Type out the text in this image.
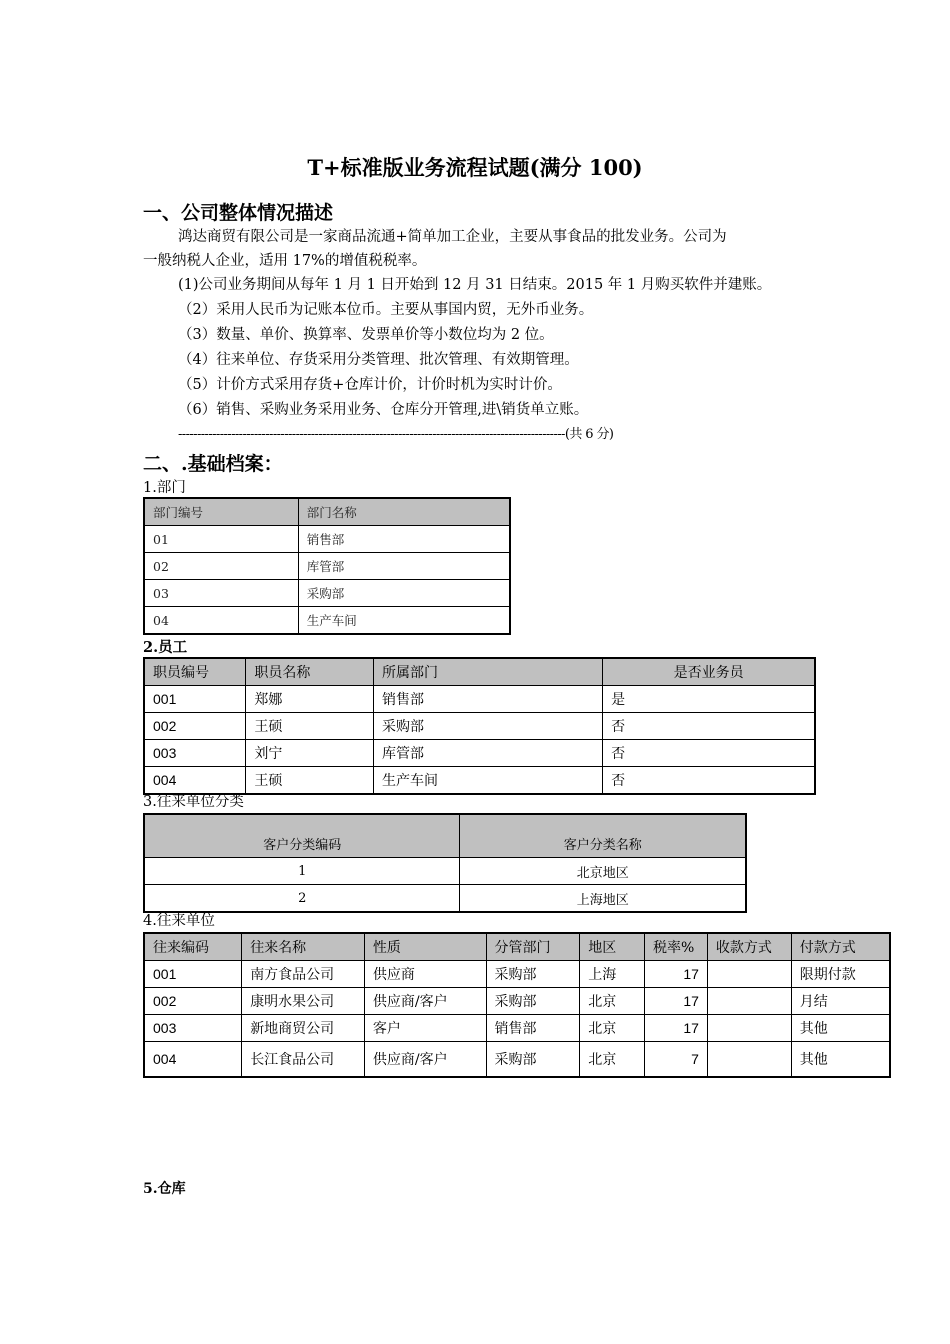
T+标准版业务流程试题(满分 100)
一、公司整体情况描述
鸿达商贸有限公司是一家商品流通+简单加工企业，主要从事食品的批发业务。公司为
一般纳税人企业，适用 17%的增值税税率。
(1)公司业务期间从每年 1 月 1 日开始到 12 月 31 日结束。2015 年 1 月购买软件并建账。
（2）采用人民币为记账本位币。主要从事国内贸，无外币业务。
（3）数量、单价、换算率、发票单价等小数位均为 2 位。
（4）往来单位、存货采用分类管理、批次管理、有效期管理。
（5）计价方式采用存货+仓库计价，计价时机为实时计价。
（6）销售、采购业务采用业务、仓库分开管理,进\销货单立账。
------------------------------------------------------------------------------------------------------(共 6 分)
二、.基础档案：
1.部门
部门编号	部门名称
01	销售部
02	库管部
03	采购部
04	生产车间
2.员工
职员编号	职员名称	所属部门	是否业务员
001	郑娜	销售部	是
002	王硕	采购部	否
003	刘宁	库管部	否
004	王硕	生产车间	否
3.往来单位分类
客户分类编码	客户分类名称
1	北京地区
2	上海地区
4.往来单位
往来编码	往来名称	性质	分管部门	地区	税率%	收款方式	付款方式
001	南方食品公司	供应商	采购部	上海	17		限期付款
002	康明水果公司	供应商/客户	采购部	北京	17		月结
003	新地商贸公司	客户	销售部	北京	17		其他
004	长江食品公司	供应商/客户	采购部	北京	7		其他
5.仓库
